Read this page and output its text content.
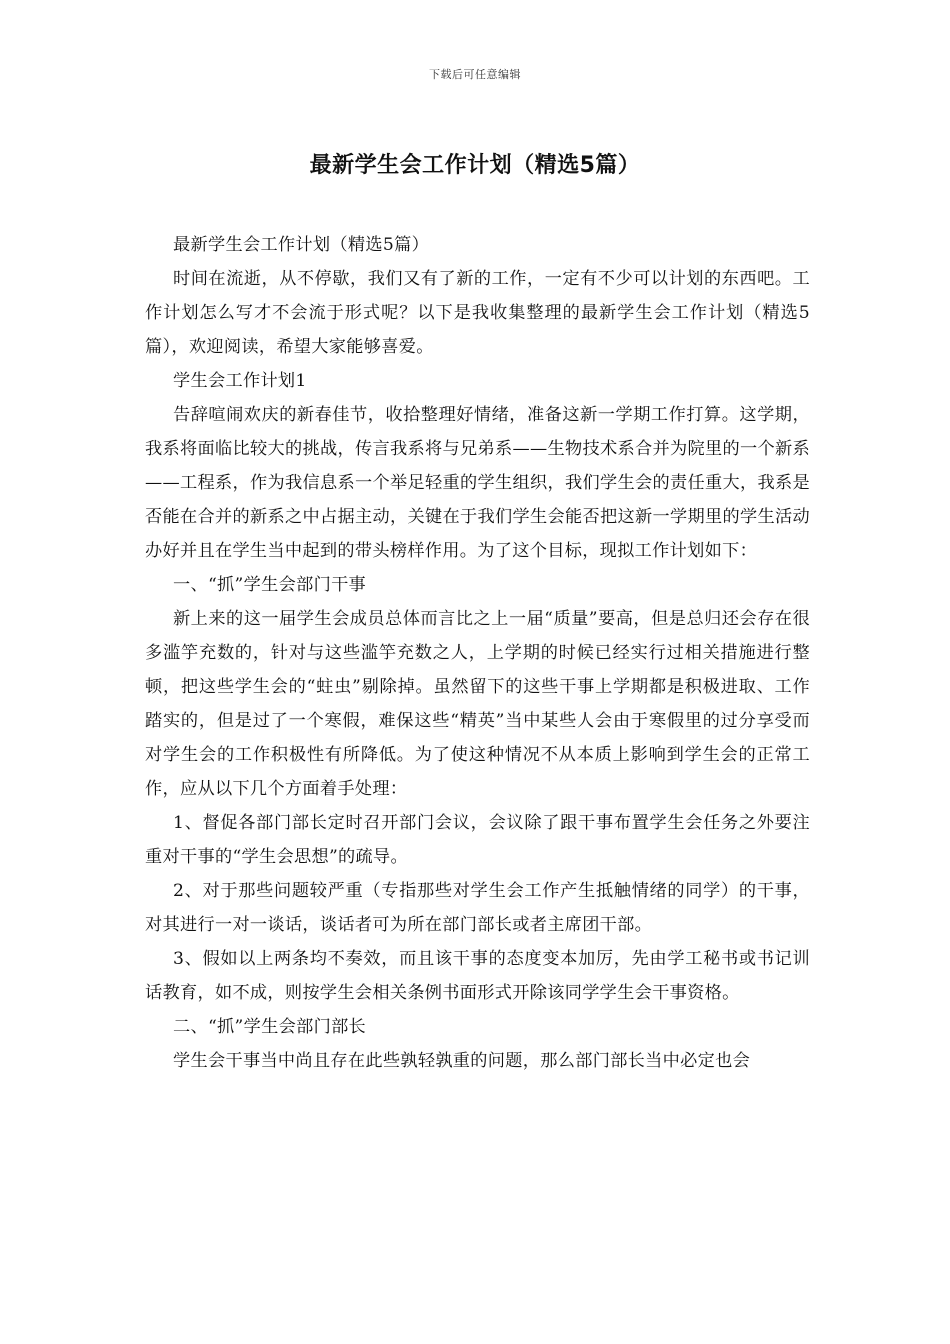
下载后可任意编辑
最新学生会工作计划（精选5篇）

最新学生会工作计划（精选5篇）

时间在流逝，从不停歇，我们又有了新的工作，一定有不少可以计划的东西吧。工作计划怎么写才不会流于形式呢？以下是我收集整理的最新学生会工作计划（精选5篇），欢迎阅读，希望大家能够喜爱。

学生会工作计划1

告辞喧闹欢庆的新春佳节，收拾整理好情绪，准备这新一学期工作打算。这学期，我系将面临比较大的挑战，传言我系将与兄弟系——生物技术系合并为院里的一个新系——工程系，作为我信息系一个举足轻重的学生组织，我们学生会的责任重大，我系是否能在合并的新系之中占据主动，关键在于我们学生会能否把这新一学期里的学生活动办好并且在学生当中起到的带头榜样作用。为了这个目标，现拟工作计划如下：

一、“抓”学生会部门干事

新上来的这一届学生会成员总体而言比之上一届“质量”要高，但是总归还会存在很多滥竽充数的，针对与这些滥竽充数之人，上学期的时候已经实行过相关措施进行整顿，把这些学生会的“蛀虫”剔除掉。虽然留下的这些干事上学期都是积极进取、工作踏实的，但是过了一个寒假，难保这些“精英”当中某些人会由于寒假里的过分享受而对学生会的工作积极性有所降低。为了使这种情况不从本质上影响到学生会的正常工作，应从以下几个方面着手处理：

1、督促各部门部长定时召开部门会议，会议除了跟干事布置学生会任务之外要注重对干事的“学生会思想”的疏导。

2、对于那些问题较严重（专指那些对学生会工作产生抵触情绪的同学）的干事，对其进行一对一谈话，谈话者可为所在部门部长或者主席团干部。

3、假如以上两条均不奏效，而且该干事的态度变本加厉，先由学工秘书或书记训话教育，如不成，则按学生会相关条例书面形式开除该同学学生会干事资格。

二、“抓”学生会部门部长

学生会干事当中尚且存在此些孰轻孰重的问题，那么部门部长当中必定也会
